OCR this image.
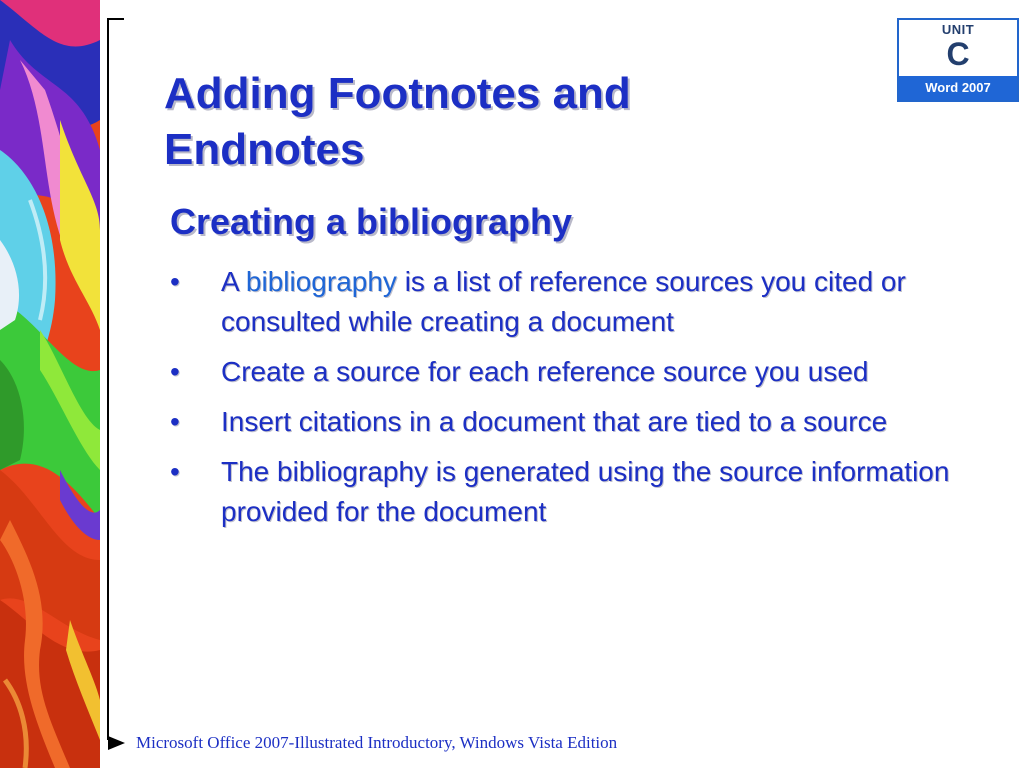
UNIT
C
Word 2007
Adding Footnotes and
Endnotes
Creating a bibliography
•	A bibliography is a list of reference sources you cited or consulted while creating a document
•	Create a source for each reference source you used
•	Insert citations in a document that are tied to a source
•	The bibliography is generated using the source information provided for the document
Microsoft Office 2007-Illustrated Introductory, Windows Vista Edition
